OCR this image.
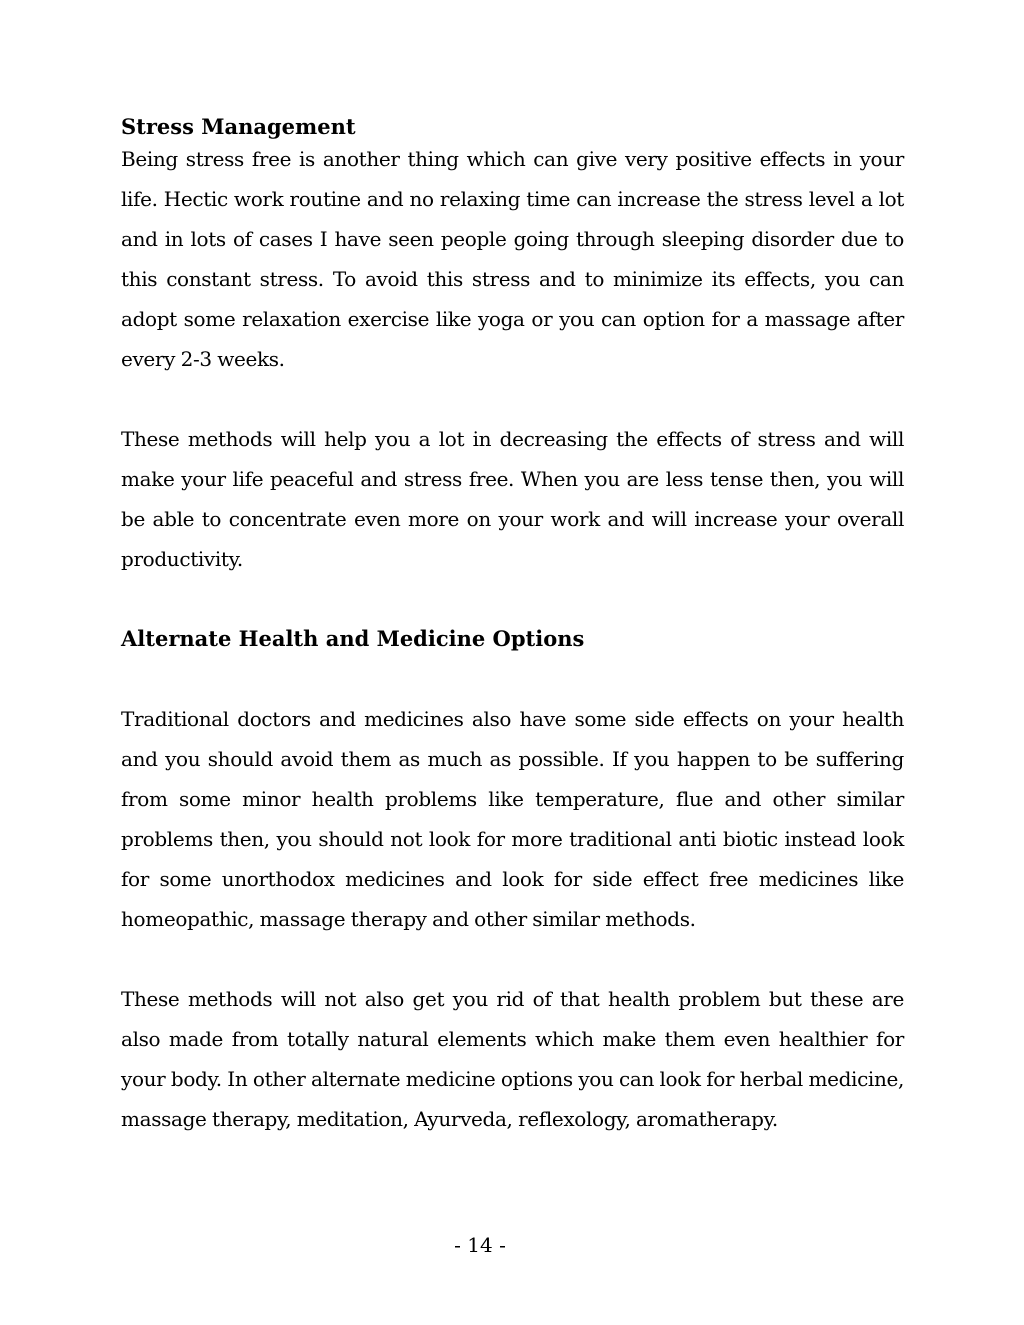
Stress Management

Being stress free is another thing which can give very positive effects in your life. Hectic work routine and no relaxing time can increase the stress level a lot and in lots of cases I have seen people going through sleeping disorder due to this constant stress. To avoid this stress and to minimize its effects, you can adopt some relaxation exercise like yoga or you can option for a massage after every 2-3 weeks.

These methods will help you a lot in decreasing the effects of stress and will make your life peaceful and stress free. When you are less tense then, you will be able to concentrate even more on your work and will increase your overall productivity.

Alternate Health and Medicine Options

Traditional doctors and medicines also have some side effects on your health and you should avoid them as much as possible. If you happen to be suffering from some minor health problems like temperature, flue and other similar problems then, you should not look for more traditional anti biotic instead look for some unorthodox medicines and look for side effect free medicines like homeopathic, massage therapy and other similar methods.

These methods will not also get you rid of that health problem but these are also made from totally natural elements which make them even healthier for your body. In other alternate medicine options you can look for herbal medicine, massage therapy, meditation, Ayurveda, reflexology, aromatherapy.

- 14 -
